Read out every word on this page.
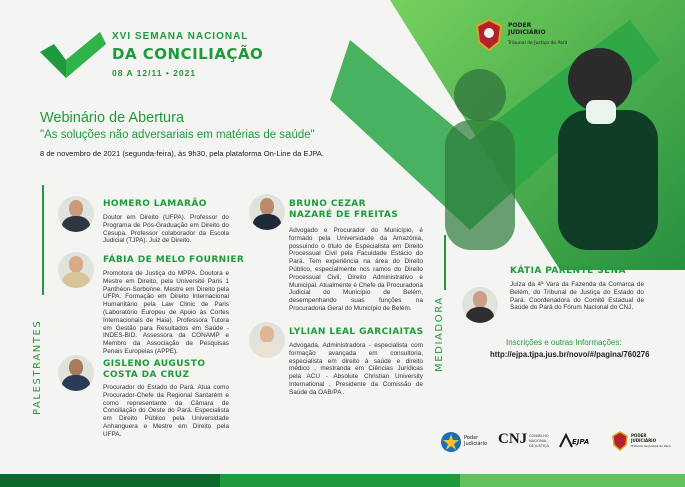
XVI SEMANA NACIONAL
DA CONCILIAÇÃO
08 A 12/11 • 2021
PODER
JUDICIÁRIO
Tribunal de Justiça do Pará
Webinário de Abertura
"As soluções não adversariais em matérias de saúde"
8 de novembro de 2021 (segunda-feira), às 9h30, pela plataforma On-Line da EJPA.
PALESTRANTES
HOMERO LAMARÃO
Doutor em Direito (UFPA). Professor do Programa de Pós-Graduação em Direito do Cesupa. Professor colaborador da Escola Judicial (TJPA). Juiz de Direito.
FÁBIA DE MELO FOURNIER
Promotora de Justiça do MPPA. Doutora e Mestre em Direito, pela Université Paris 1 Panthéon-Sorbonne. Mestre em Direito pela UFPA. Formação em Direito Internacional Humanitário pela Law Clinic de Paris (Laboratório Europeu de Apoio às Cortes Internacionais de Haia). Professora Tutora em Gestão para Resultados em Saúde - INDES-BID. Assessora da CONAMP e Membro da Associação de Pesquisas Penais Europeias (APPE).
GISLENO AUGUSTO
COSTA DA CRUZ
Procurador do Estado do Pará. Atua como Procurador-Chefe da Regional Santarém e como representante da Câmara de Conciliação do Oeste do Pará. Especialista em Direito Público pela Universidade Anhanguera e Mestre em Direito pela UFPA.
BRUNO CEZAR
NAZARÉ DE FREITAS
Advogado e Procurador do Município, é formado pela Universidade da Amazônia, possuindo o título de Especialista em Direito Processual Civil pela Faculdade Estácio do Pará. Tem experiência na área do Direito Público, especialmente nos ramos do Direito Processual Civil, Direito Administrativo e Municipal. Atualmente é Chefe da Procuradoria Judicial do Município de Belém, desempenhando suas funções na Procuradoria Geral do Município de Belém.
LYLIAN LEAL GARCIAITAS
Advogada, Administradora - especialista com formação avançada em consultoria, especialista em direito à saúde e direito médico , mestranda em Ciências Jurídicas pela ACU - Absolute Christian University International , Presidente da Comissão de Saúde da OAB/PA .
MEDIADORA
KÁTIA PARENTE SENA
Juíza da 4ª Vara da Fazenda da Comarca de Belém, do Tribunal de Justiça do Estado do Pará. Coordenadora do Comitê Estadual de Saúde do Pará do Fórum Nacional do CNJ.
Inscrições e outras Informações:
http://ejpa.tjpa.jus.br/novo/#/pagina/760276
Poder
Judiciário CNJ CONSELHO
NACIONAL
DE JUSTIÇA	EJPA
PODER
JUDICIÁRIO
Tribunal de Justiça do Pará
